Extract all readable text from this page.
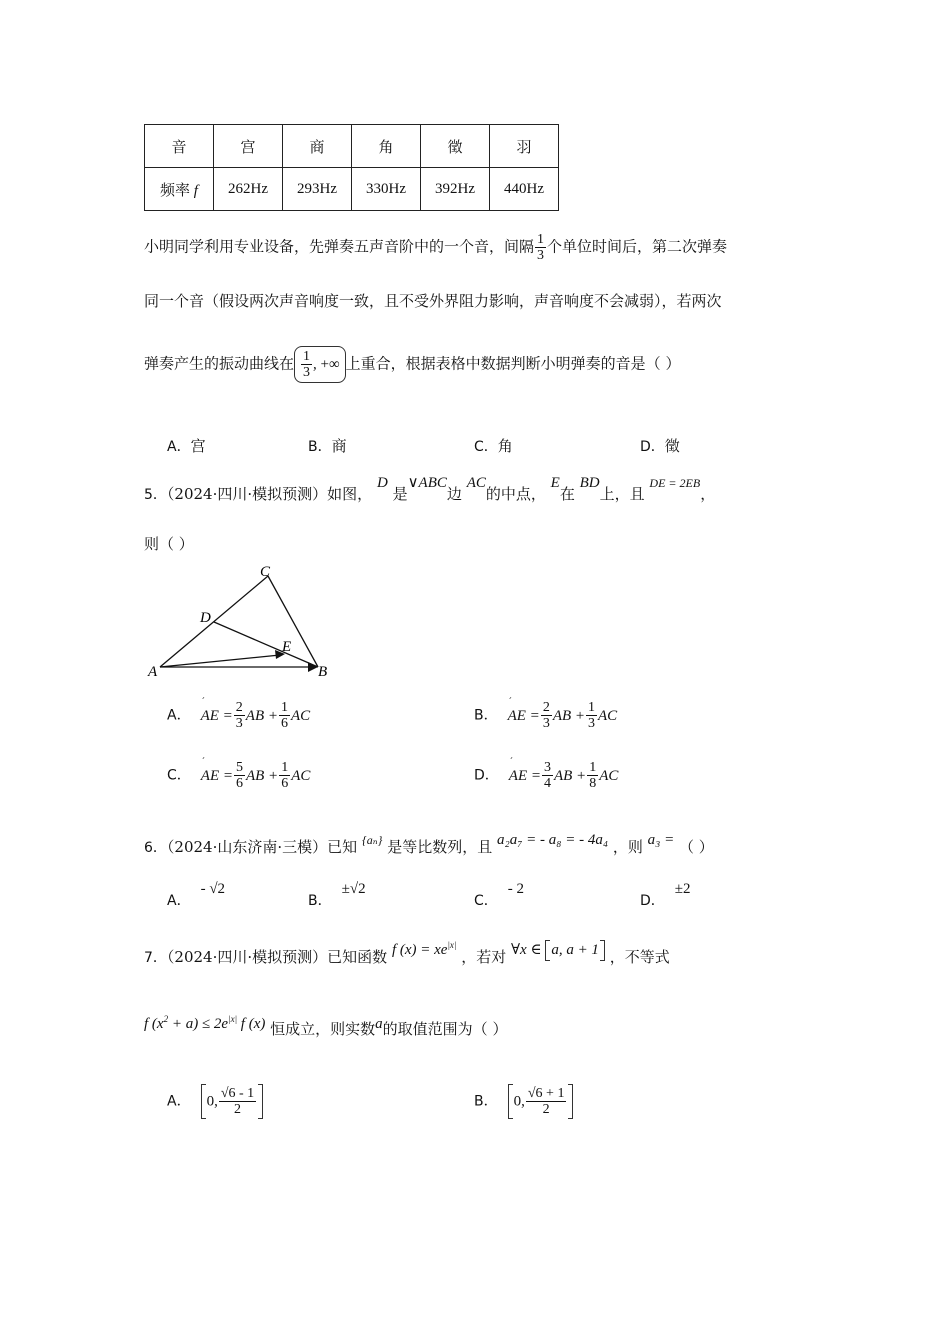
音	宫	商	角	徵	羽
频率 f	262Hz	293Hz	330Hz	392Hz	440Hz
小明同学利用专业设备，先弹奏五声音阶中的一个音，间隔 $\frac{1}{3}$ 个单位时间后，第二次弹奏
同一个音（假设两次声音响度一致，且不受外界阻力影响，声音响度不会减弱），若两次
弹奏产生的振动曲线在 $\frac{1}{3}$ , +∞ 上重合，根据表格中数据判断小明弹奏的音是（ ）
A．宫	B．商	C．角	D．徵
5．（2024·四川·模拟预测）如图， D 是∨ABC边 AC的中点， E在 BD上，且 $^{DE = 2EB}$，
则（ ）
A	B
C
D
E
A．
ˊ
AE = $\frac{2}{3}$ AB + $\frac{1}{6}$ AC	B．
ˊ
AE = $\frac{2}{3}$ AB + $\frac{1}{3}$ AC
C．
ˊ
AE = $\frac{5}{6}$ AB + $\frac{1}{6}$ AC	D．
ˊ
AE = $\frac{3}{4}$ AB + $\frac{1}{8}$ AC
6．（2024·山东济南·三模）已知 $^{\{a_n\}}$ 是等比数列，且 a₂a₇ = - a₈ = - 4a₄ ，则 a₃ = （ ）
A．- √2
B．±√2
C．- 2
D．±2
7．（2024·四川·模拟预测）已知函数 f $(x) = xe^{|x|}$ ，若对 ∀x ∈ a, a + 1 ，不等式
f $(x^2 + a) \le 2e^{|x|}$ f (x) 恒成立，则实数a的取值范围为（ ）
A． 0, $\frac{√6 - 1}{2}$	B． 0, $\frac{√6 + 1}{2}$
